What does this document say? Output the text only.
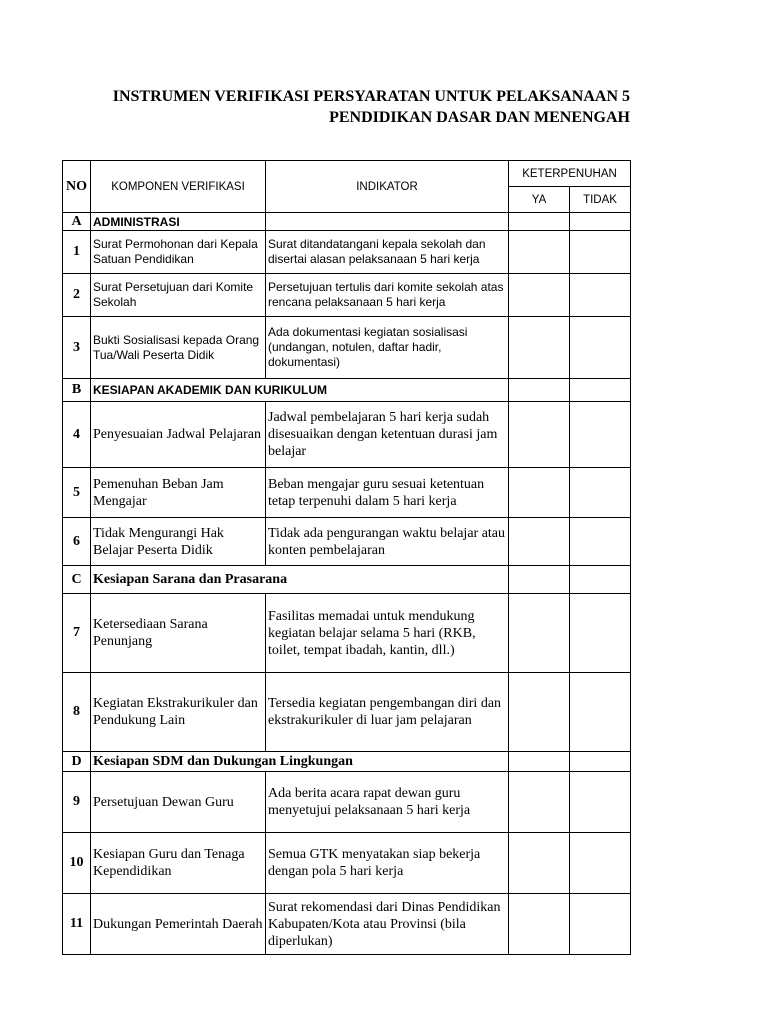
INSTRUMEN VERIFIKASI PERSYARATAN UNTUK PELAKSANAAN 5
PENDIDIKAN DASAR DAN MENENGAH
NO	KOMPONEN VERIFIKASI	INDIKATOR	KETERPENUHAN	
			YA	TIDAK
A	ADMINISTRASI			
1	Surat Permohonan dari Kepala Satuan Pendidikan	Surat ditandatangani kepala sekolah dan disertai alasan pelaksanaan 5 hari kerja		
2	Surat Persetujuan dari Komite Sekolah	Persetujuan tertulis dari komite sekolah atas rencana pelaksanaan 5 hari kerja		
3	Bukti Sosialisasi kepada Orang Tua/Wali Peserta Didik	Ada dokumentasi kegiatan sosialisasi (undangan, notulen, daftar hadir, dokumentasi)		
B	KESIAPAN AKADEMIK DAN KURIKULUM			
4	Penyesuaian Jadwal Pelajaran	Jadwal pembelajaran 5 hari kerja sudah disesuaikan dengan ketentuan durasi jam belajar		
5	Pemenuhan Beban Jam Mengajar	Beban mengajar guru sesuai ketentuan tetap terpenuhi dalam 5 hari kerja		
6	Tidak Mengurangi Hak Belajar Peserta Didik	Tidak ada pengurangan waktu belajar atau konten pembelajaran		
C	Kesiapan Sarana dan Prasarana			
7	Ketersediaan Sarana Penunjang	Fasilitas memadai untuk mendukung kegiatan belajar selama 5 hari (RKB, toilet, tempat ibadah, kantin, dll.)		
8	Kegiatan Ekstrakurikuler dan Pendukung Lain	Tersedia kegiatan pengembangan diri dan ekstrakurikuler di luar jam pelajaran		
D	Kesiapan SDM dan Dukungan Lingkungan			
9	Persetujuan Dewan Guru	Ada berita acara rapat dewan guru menyetujui pelaksanaan 5 hari kerja		
10	Kesiapan Guru dan Tenaga Kependidikan	Semua GTK menyatakan siap bekerja dengan pola 5 hari kerja		
11	Dukungan Pemerintah Daerah	Surat rekomendasi dari Dinas Pendidikan Kabupaten/Kota atau Provinsi (bila diperlukan)		
